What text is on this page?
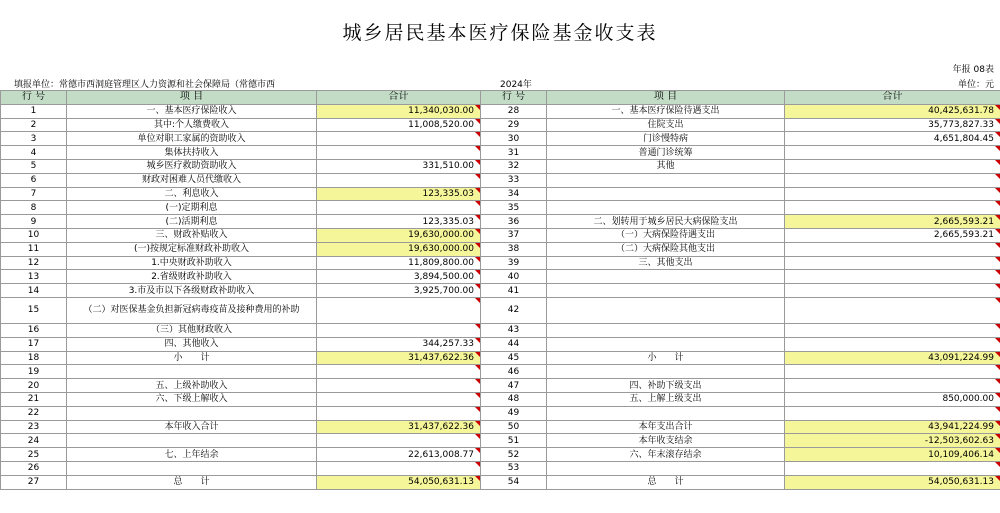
城乡居民基本医疗保险基金收支表
年报 08表
单位：元
填报单位：常德市西洞庭管理区人力资源和社会保障局（常德市西	2024年
行 号	项 目	合计	行 号	项 目	合计
1	一、基本医疗保险收入	11,340,030.00	28	一、基本医疗保险待遇支出	40,425,631.78
2	其中:个人缴费收入	11,008,520.00	29	住院支出	35,773,827.33
3	单位对职工家属的资助收入		30	门诊慢特病	4,651,804.45
4	集体扶持收入		31	普通门诊统筹	
5	城乡医疗救助资助收入	331,510.00	32	其他	
6	财政对困难人员代缴收入		33		
7	二、利息收入	123,335.03	34		
8	(一)定期利息		35		
9	(二)活期利息	123,335.03	36	二、划转用于城乡居民大病保险支出	2,665,593.21
10	三、财政补贴收入	19,630,000.00	37	（一）大病保险待遇支出	2,665,593.21
11	(一)按规定标准财政补助收入	19,630,000.00	38	（二）大病保险其他支出	
12	1.中央财政补助收入	11,809,800.00	39	三、其他支出	
13	2.省级财政补助收入	3,894,500.00	40		
14	3.市及市以下各级财政补助收入	3,925,700.00	41		
15	（二）对医保基金负担新冠病毒疫苗及接种费用的补助		42		
16	（三）其他财政收入		43		
17	四、其他收入	344,257.33	44		
18	小　　计	31,437,622.36	45	小　　计	43,091,224.99
19			46		
20	五、上级补助收入		47	四、补助下级支出	
21	六、下级上解收入		48	五、上解上级支出	850,000.00
22			49		
23	本年收入合计	31,437,622.36	50	本年支出合计	43,941,224.99
24			51	本年收支结余	-12,503,602.63
25	七、上年结余	22,613,008.77	52	六、年末滚存结余	10,109,406.14
26			53		
27	总　　计	54,050,631.13	54	总　　计	54,050,631.13
